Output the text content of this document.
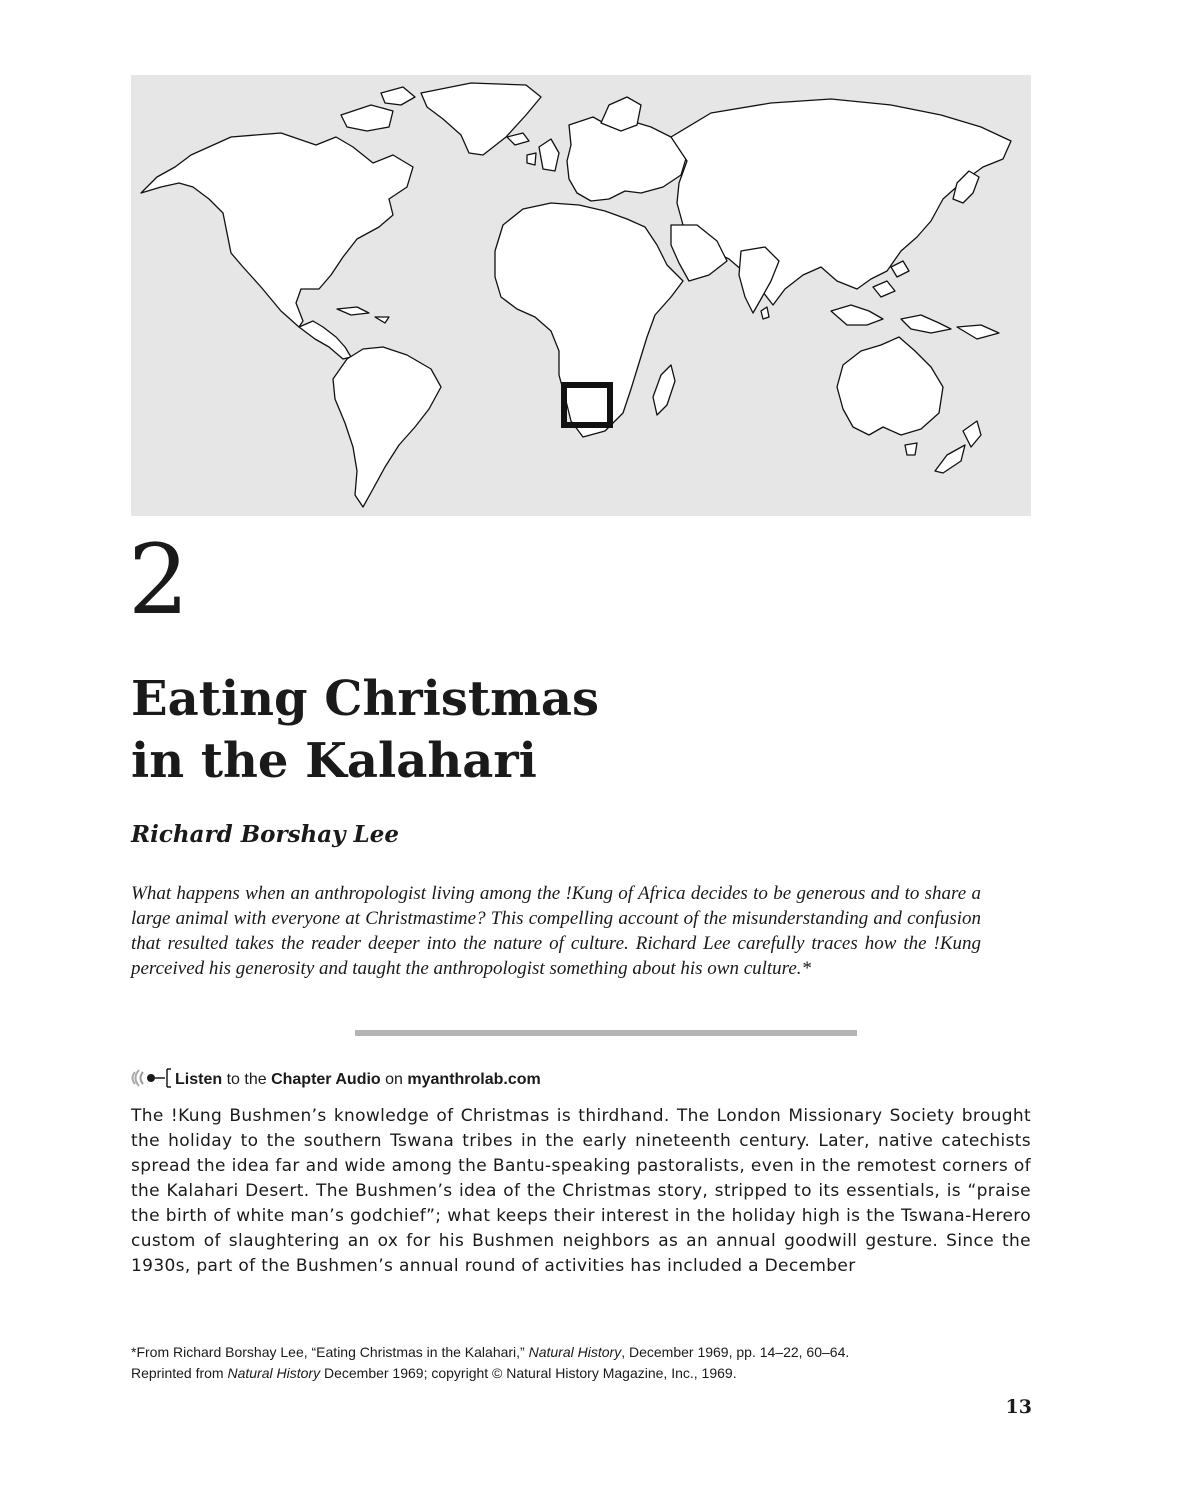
2
Eating Christmas
in the Kalahari
Richard Borshay Lee
What happens when an anthropologist living among the !Kung of Africa decides to be generous and to share a large animal with everyone at Christmastime? This compelling account of the misunderstanding and confusion that resulted takes the reader deeper into the nature of culture. Richard Lee carefully traces how the !Kung perceived his generosity and taught the anthropologist something about his own culture.*
Listen
to the
Chapter Audio
on
myanthrolab.com
The !Kung Bushmen’s knowledge of Christmas is thirdhand. The London Missionary Society brought the holiday to the southern Tswana tribes in the early nineteenth century. Later, native catechists spread the idea far and wide among the Bantu-speaking pastoralists, even in the remotest corners of the Kalahari Desert. The Bushmen’s idea of the Christmas story, stripped to its essentials, is “praise the birth of white man’s godchief”; what keeps their interest in the holiday high is the Tswana-Herero custom of slaughtering an ox for his Bushmen neighbors as an annual goodwill gesture. Since the 1930s, part of the Bushmen’s annual round of activities has included a December
*From Richard Borshay Lee, “Eating Christmas in the Kalahari,” Natural History, December 1969, pp. 14–22, 60–64.
Reprinted from Natural History December 1969; copyright © Natural History Magazine, Inc., 1969.
13
